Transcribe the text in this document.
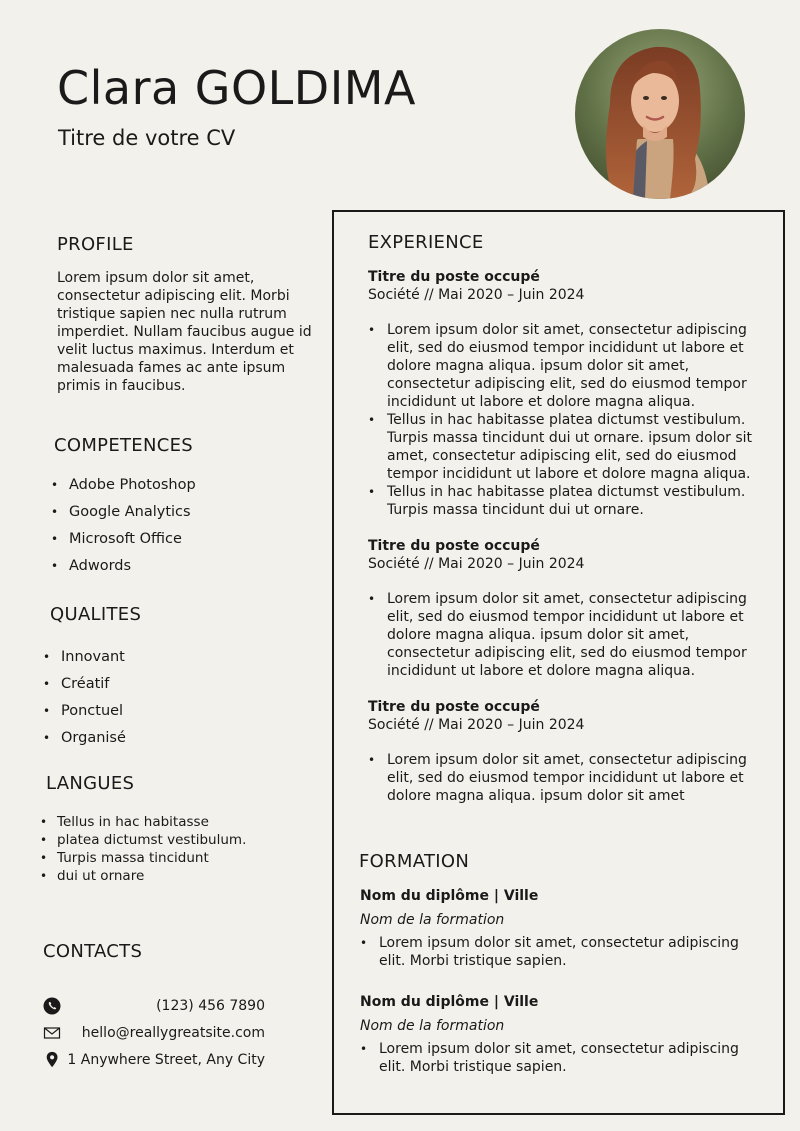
Clara GOLDIMA
Titre de votre CV
PROFILE
Lorem ipsum dolor sit amet, consectetur adipiscing elit. Morbi tristique sapien nec nulla rutrum imperdiet. Nullam faucibus augue id velit luctus maximus. Interdum et malesuada fames ac ante ipsum primis in faucibus.
COMPETENCES
• Adobe Photoshop
• Google Analytics
• Microsoft Office
• Adwords
QUALITES
• Innovant
• Créatif
• Ponctuel
• Organisé
LANGUES
• Tellus in hac habitasse
• platea dictumst vestibulum.
• Turpis massa tincidunt
• dui ut ornare
CONTACTS
(123) 456 7890
hello@reallygreatsite.com
1 Anywhere Street, Any City
EXPERIENCE
Titre du poste occupé
Société // Mai 2020 – Juin 2024
• Lorem ipsum dolor sit amet, consectetur adipiscing elit, sed do eiusmod tempor incididunt ut labore et dolore magna aliqua. ipsum dolor sit amet, consectetur adipiscing elit, sed do eiusmod tempor incididunt ut labore et dolore magna aliqua.
• Tellus in hac habitasse platea dictumst vestibulum. Turpis massa tincidunt dui ut ornare. ipsum dolor sit amet, consectetur adipiscing elit, sed do eiusmod tempor incididunt ut labore et dolore magna aliqua.
• Tellus in hac habitasse platea dictumst vestibulum. Turpis massa tincidunt dui ut ornare.
Titre du poste occupé
Société // Mai 2020 – Juin 2024
• Lorem ipsum dolor sit amet, consectetur adipiscing elit, sed do eiusmod tempor incididunt ut labore et dolore magna aliqua. ipsum dolor sit amet, consectetur adipiscing elit, sed do eiusmod tempor incididunt ut labore et dolore magna aliqua.
Titre du poste occupé
Société // Mai 2020 – Juin 2024
• Lorem ipsum dolor sit amet, consectetur adipiscing elit, sed do eiusmod tempor incididunt ut labore et dolore magna aliqua. ipsum dolor sit amet
FORMATION
Nom du diplôme | Ville
Nom de la formation
• Lorem ipsum dolor sit amet, consectetur adipiscing elit. Morbi tristique sapien.
Nom du diplôme | Ville
Nom de la formation
• Lorem ipsum dolor sit amet, consectetur adipiscing elit. Morbi tristique sapien.
